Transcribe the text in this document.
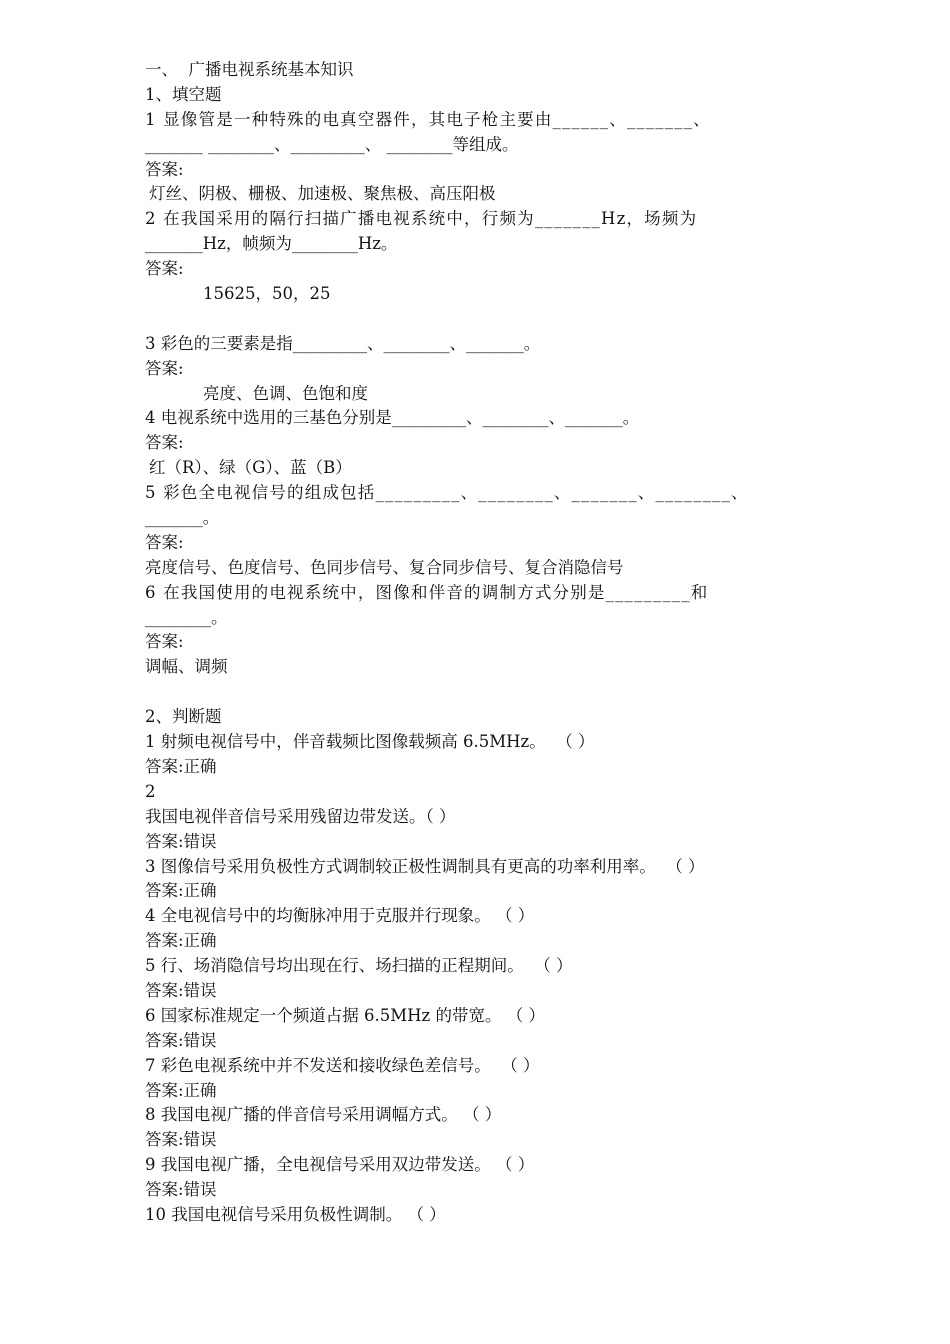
一、  广播电视系统基本知识
1、填空题
1 显像管是一种特殊的电真空器件，其电子枪主要由______、_______、
_______ ________、_________、 ________等组成。
答案:
灯丝、阴极、栅极、加速极、聚焦极、高压阳极
2 在我国采用的隔行扫描广播电视系统中，行频为_______Hz，场频为
_______Hz，帧频为________Hz。
答案:
15625，50，25
3 彩色的三要素是指_________、________、_______。
答案:
亮度、色调、色饱和度
4 电视系统中选用的三基色分别是_________、________、_______。
答案:
红（R）、绿（G）、蓝（B）
5 彩色全电视信号的组成包括_________、________、_______、________、
_______。
答案:
亮度信号、色度信号、色同步信号、复合同步信号、复合消隐信号
6 在我国使用的电视系统中，图像和伴音的调制方式分别是_________和
________。
答案:
调幅、调频
2、判断题
1 射频电视信号中，伴音载频比图像载频高 6.5MHz。  （ ）
答案:正确
2
我国电视伴音信号采用残留边带发送。（ ）
答案:错误
3 图像信号采用负极性方式调制较正极性调制具有更高的功率利用率。  （ ）
答案:正确
4 全电视信号中的均衡脉冲用于克服并行现象。 （ ）
答案:正确
5 行、场消隐信号均出现在行、场扫描的正程期间。  （ ）
答案:错误
6 国家标准规定一个频道占据 6.5MHz 的带宽。 （ ）
答案:错误
7 彩色电视系统中并不发送和接收绿色差信号。  （ ）
答案:正确
8 我国电视广播的伴音信号采用调幅方式。 （ ）
答案:错误
9 我国电视广播，全电视信号采用双边带发送。 （ ）
答案:错误
10 我国电视信号采用负极性调制。 （ ）
